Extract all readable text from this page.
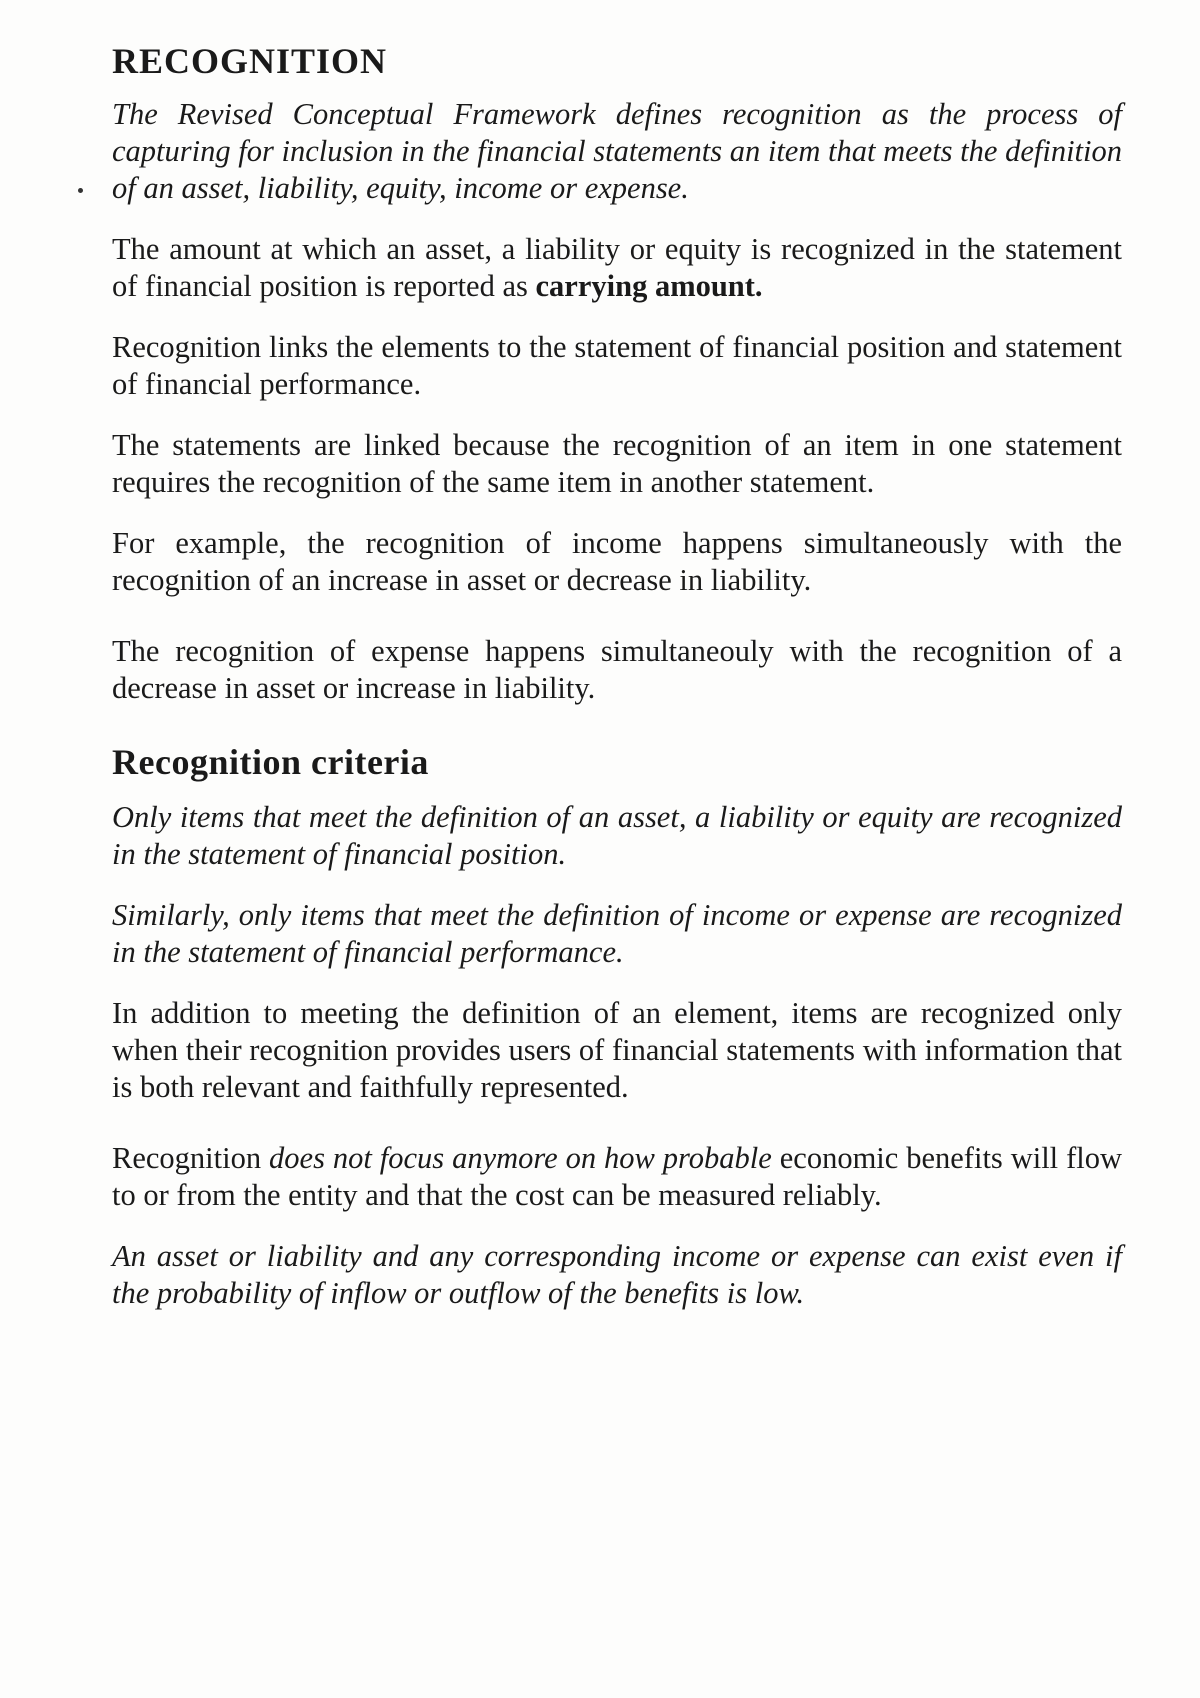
RECOGNITION

The Revised Conceptual Framework defines recognition as the process of capturing for inclusion in the financial statements an item that meets the definition of an asset, liability, equity, income or expense.

The amount at which an asset, a liability or equity is recognized in the statement of financial position is reported as carrying amount.

Recognition links the elements to the statement of financial position and statement of financial performance.

The statements are linked because the recognition of an item in one statement requires the recognition of the same item in another statement.

For example, the recognition of income happens simultaneously with the recognition of an increase in asset or decrease in liability.

The recognition of expense happens simultaneouly with the recognition of a decrease in asset or increase in liability.

Recognition criteria

Only items that meet the definition of an asset, a liability or equity are recognized in the statement of financial position.

Similarly, only items that meet the definition of income or expense are recognized in the statement of financial performance.

In addition to meeting the definition of an element, items are recognized only when their recognition provides users of financial statements with information that is both relevant and faithfully represented.

Recognition does not focus anymore on how probable economic benefits will flow to or from the entity and that the cost can be measured reliably.

An asset or liability and any corresponding income or expense can exist even if the probability of inflow or outflow of the benefits is low.
